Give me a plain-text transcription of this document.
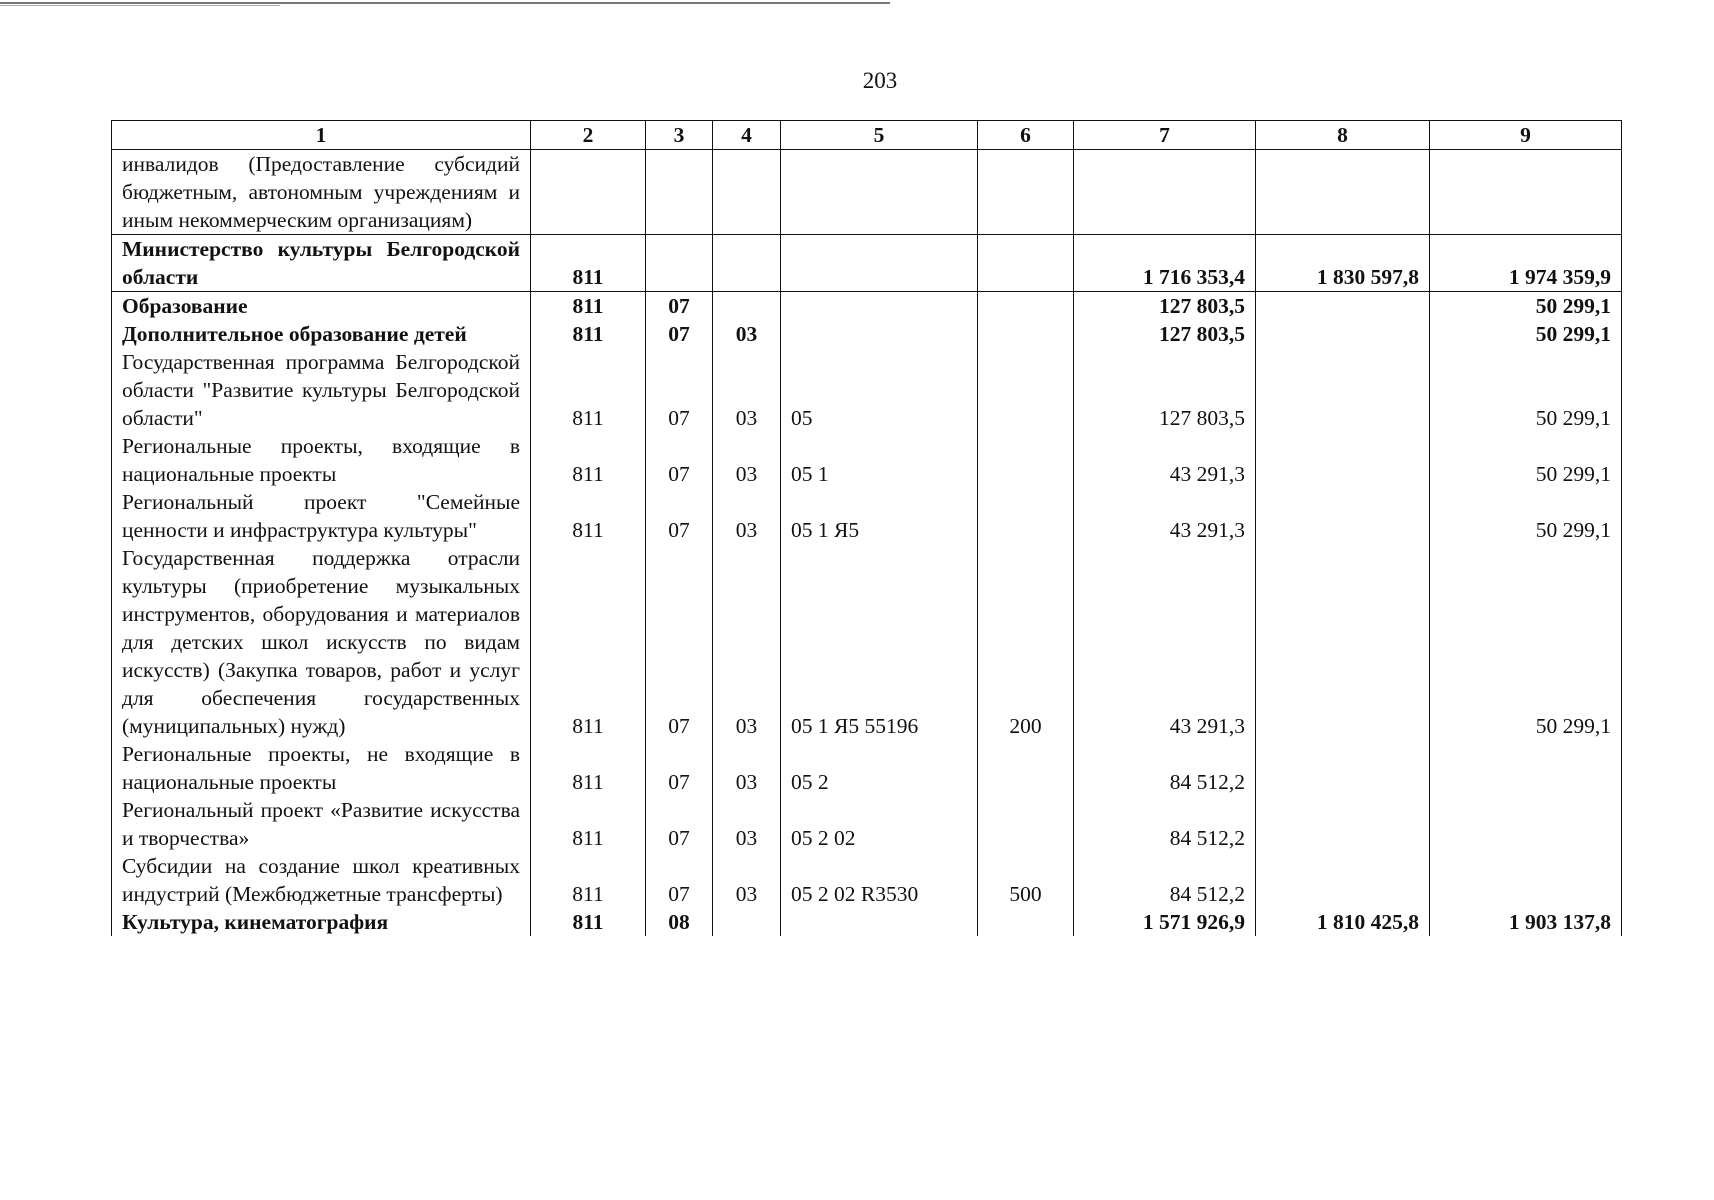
203
1	2	3	4	5	6	7	8	9
инвалидов (Предоставление субсидий бюджетным, автономным учреждениям и иным некоммерческим организациям)								
Министерство культуры Белгородской области	811					1 716 353,4	1 830 597,8	1 974 359,9
Образование	811	07				127 803,5		50 299,1
Дополнительное образование детей	811	07	03			127 803,5		50 299,1
Государственная программа Белгородской области "Развитие культуры Белгородской области"	811	07	03	05		127 803,5		50 299,1
Региональные проекты, входящие в национальные проекты	811	07	03	05 1		43 291,3		50 299,1
Региональный проект "Семейные ценности и инфраструктура культуры"	811	07	03	05 1 Я5		43 291,3		50 299,1
Государственная поддержка отрасли культуры (приобретение музыкальных инструментов, оборудования и материалов для детских школ искусств по видам искусств) (Закупка товаров, работ и услуг для обеспечения государственных (муниципальных) нужд)	811	07	03	05 1 Я5 55196	200	43 291,3		50 299,1
Региональные проекты, не входящие в национальные проекты	811	07	03	05 2		84 512,2		
Региональный проект «Развитие искусства и творчества»	811	07	03	05 2 02		84 512,2		
Субсидии на создание школ креативных индустрий (Межбюджетные трансферты)	811	07	03	05 2 02 R3530	500	84 512,2		
Культура, кинематография	811	08				1 571 926,9	1 810 425,8	1 903 137,8
